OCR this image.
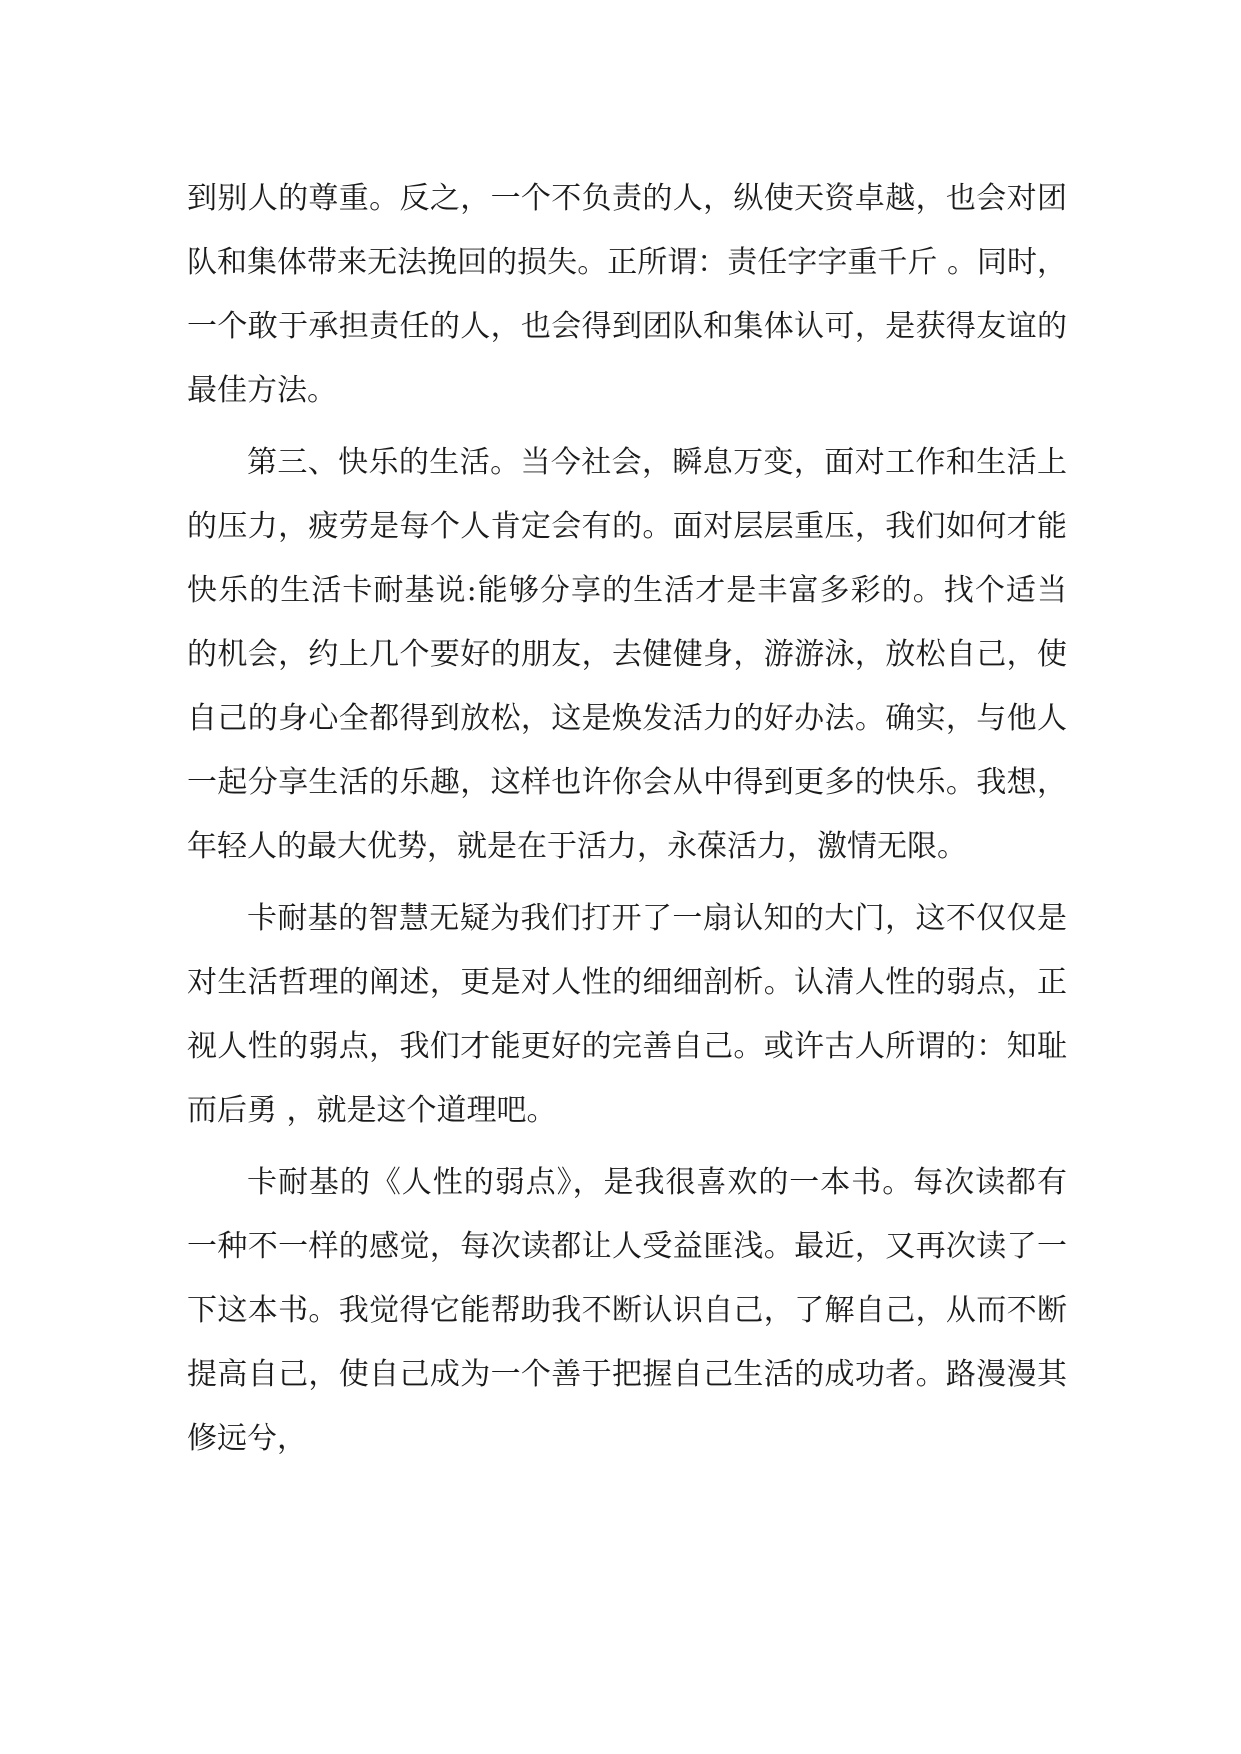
到别人的尊重。反之，一个不负责的人，纵使天资卓越，也会对团队和集体带来无法挽回的损失。正所谓：责任字字重千斤 。同时，一个敢于承担责任的人，也会得到团队和集体认可，是获得友谊的最佳方法。

第三、快乐的生活。当今社会，瞬息万变，面对工作和生活上的压力，疲劳是每个人肯定会有的。面对层层重压，我们如何才能快乐的生活卡耐基说:能够分享的生活才是丰富多彩的。找个适当的机会，约上几个要好的朋友，去健健身，游游泳，放松自己，使自己的身心全都得到放松，这是焕发活力的好办法。确实，与他人一起分享生活的乐趣，这样也许你会从中得到更多的快乐。我想，年轻人的最大优势，就是在于活力，永葆活力，激情无限。

卡耐基的智慧无疑为我们打开了一扇认知的大门，这不仅仅是对生活哲理的阐述，更是对人性的细细剖析。认清人性的弱点，正视人性的弱点，我们才能更好的完善自己。或许古人所谓的：知耻而后勇 ，就是这个道理吧。

卡耐基的《人性的弱点》，是我很喜欢的一本书。每次读都有一种不一样的感觉，每次读都让人受益匪浅。最近，又再次读了一下这本书。我觉得它能帮助我不断认识自己，了解自己，从而不断提高自己，使自己成为一个善于把握自己生活的成功者。路漫漫其修远兮，
